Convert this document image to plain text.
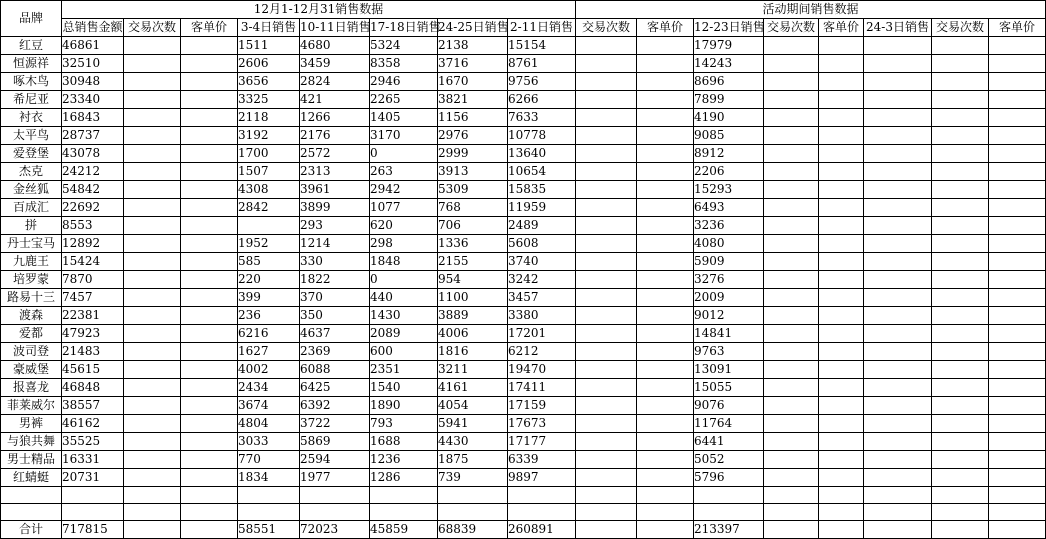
品牌	12月1-12月31销售数据								活动期间销售数据							
	总销售金额	交易次数	客单价	3-4日销售	10-11日销售	17-18日销售	24-25日销售	2-11日销售	交易次数	客单价	12-23日销售	交易次数	客单价	24-3日销售	交易次数	客单价
红豆	46861			1511	4680	5324	2138	15154			17979					
恒源祥	32510			2606	3459	8358	3716	8761			14243					
啄木鸟	30948			3656	2824	2946	1670	9756			8696					
希尼亚	23340			3325	421	2265	3821	6266			7899					
衬衣	16843			2118	1266	1405	1156	7633			4190					
太平鸟	28737			3192	2176	3170	2976	10778			9085					
爱登堡	43078			1700	2572	0	2999	13640			8912					
杰克	24212			1507	2313	263	3913	10654			2206					
金丝狐	54842			4308	3961	2942	5309	15835			15293					
百成汇	22692			2842	3899	1077	768	11959			6493					
拼	8553				293	620	706	2489			3236					
丹士宝马	12892			1952	1214	298	1336	5608			4080					
九鹿王	15424			585	330	1848	2155	3740			5909					
培罗蒙	7870			220	1822	0	954	3242			3276					
路易十三	7457			399	370	440	1100	3457			2009					
渡森	22381			236	350	1430	3889	3380			9012					
爱都	47923			6216	4637	2089	4006	17201			14841					
波司登	21483			1627	2369	600	1816	6212			9763					
豪威堡	45615			4002	6088	2351	3211	19470			13091					
报喜龙	46848			2434	6425	1540	4161	17411			15055					
菲莱威尔	38557			3674	6392	1890	4054	17159			9076					
男裤	46162			4804	3722	793	5941	17673			11764					
与狼共舞	35525			3033	5869	1688	4430	17177			6441					
男士精品	16331			770	2594	1236	1875	6339			5052					
红蜻蜓	20731			1834	1977	1286	739	9897			5796					

合计	717815			58551	72023	45859	68839	260891			213397					
